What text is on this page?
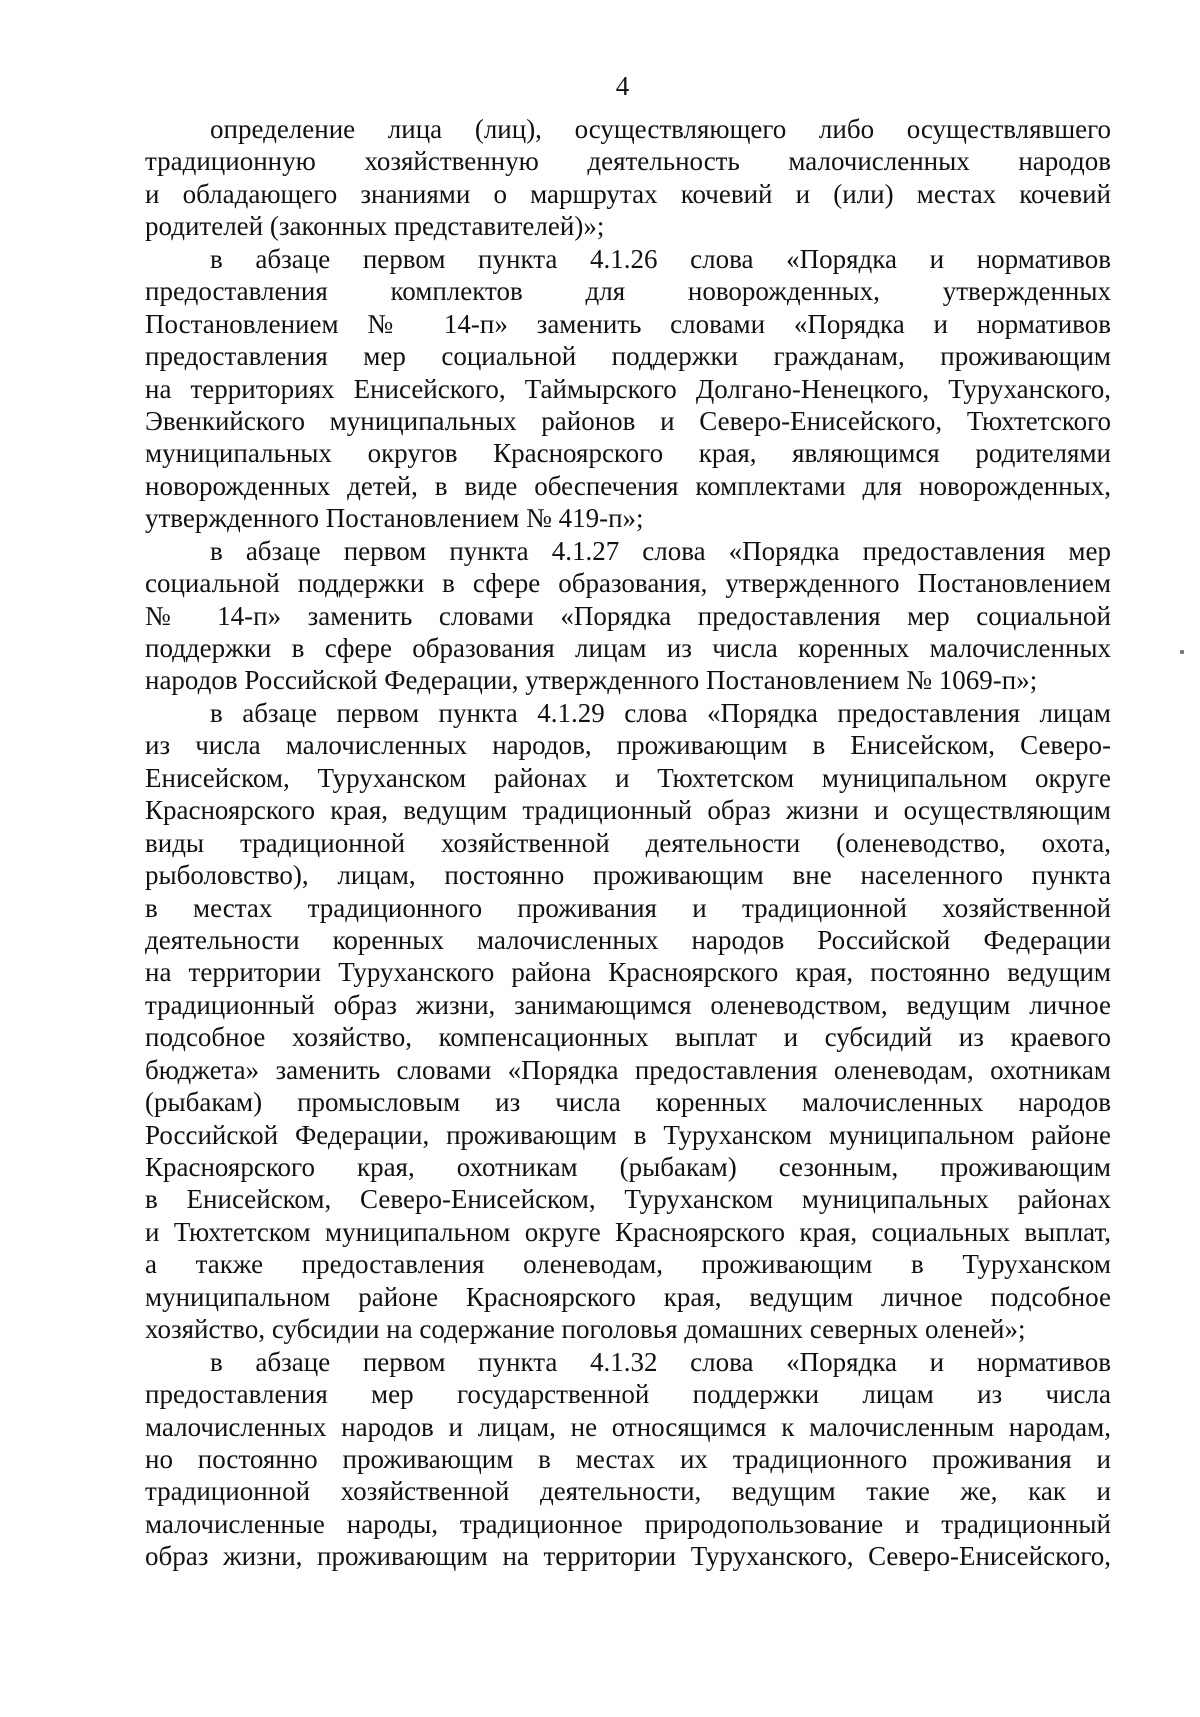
4
определение лица (лиц), осуществляющего либо осуществлявшего
традиционную хозяйственную деятельность малочисленных народов
и обладающего знаниями о маршрутах кочевий и (или) местах кочевий
родителей (законных представителей)»;
в абзаце первом пункта 4.1.26 слова «Порядка и нормативов
предоставления комплектов для новорожденных, утвержденных
Постановлением № 14-п» заменить словами «Порядка и нормативов
предоставления мер социальной поддержки гражданам, проживающим
на территориях Енисейского, Таймырского Долгано-Ненецкого, Туруханского,
Эвенкийского муниципальных районов и Северо-Енисейского, Тюхтетского
муниципальных округов Красноярского края, являющимся родителями
новорожденных детей, в виде обеспечения комплектами для новорожденных,
утвержденного Постановлением № 419-п»;
в абзаце первом пункта 4.1.27 слова «Порядка предоставления мер
социальной поддержки в сфере образования, утвержденного Постановлением
№ 14-п» заменить словами «Порядка предоставления мер социальной
поддержки в сфере образования лицам из числа коренных малочисленных
народов Российской Федерации, утвержденного Постановлением № 1069-п»;
в абзаце первом пункта 4.1.29 слова «Порядка предоставления лицам
из числа малочисленных народов, проживающим в Енисейском, Северо-
Енисейском, Туруханском районах и Тюхтетском муниципальном округе
Красноярского края, ведущим традиционный образ жизни и осуществляющим
виды традиционной хозяйственной деятельности (оленеводство, охота,
рыболовство), лицам, постоянно проживающим вне населенного пункта
в местах традиционного проживания и традиционной хозяйственной
деятельности коренных малочисленных народов Российской Федерации
на территории Туруханского района Красноярского края, постоянно ведущим
традиционный образ жизни, занимающимся оленеводством, ведущим личное
подсобное хозяйство, компенсационных выплат и субсидий из краевого
бюджета» заменить словами «Порядка предоставления оленеводам, охотникам
(рыбакам) промысловым из числа коренных малочисленных народов
Российской Федерации, проживающим в Туруханском муниципальном районе
Красноярского края, охотникам (рыбакам) сезонным, проживающим
в Енисейском, Северо-Енисейском, Туруханском муниципальных районах
и Тюхтетском муниципальном округе Красноярского края, социальных выплат,
а также предоставления оленеводам, проживающим в Туруханском
муниципальном районе Красноярского края, ведущим личное подсобное
хозяйство, субсидии на содержание поголовья домашних северных оленей»;
в абзаце первом пункта 4.1.32 слова «Порядка и нормативов
предоставления мер государственной поддержки лицам из числа
малочисленных народов и лицам, не относящимся к малочисленным народам,
но постоянно проживающим в местах их традиционного проживания и
традиционной хозяйственной деятельности, ведущим такие же, как и
малочисленные народы, традиционное природопользование и традиционный
образ жизни, проживающим на территории Туруханского, Северо-Енисейского,
